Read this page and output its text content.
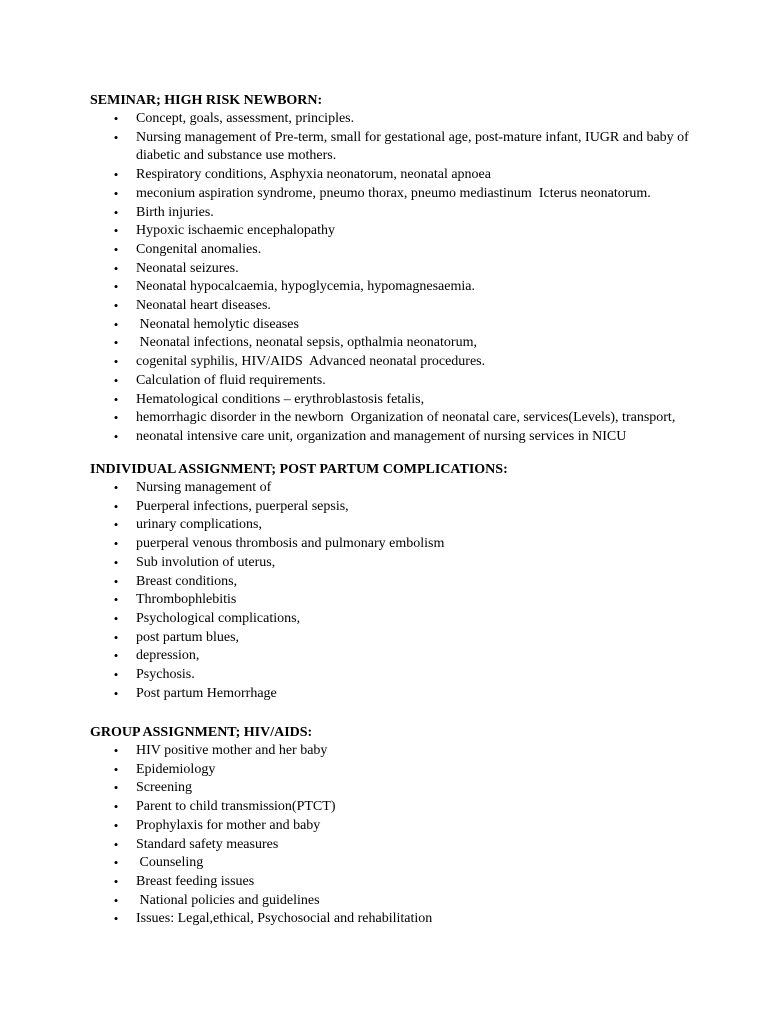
SEMINAR; HIGH RISK NEWBORN:
• Concept, goals, assessment, principles.
• Nursing management of Pre-term, small for gestational age, post-mature infant, IUGR and baby of diabetic and substance use mothers.
• Respiratory conditions, Asphyxia neonatorum, neonatal apnoea
• meconium aspiration syndrome, pneumo thorax, pneumo mediastinum  Icterus neonatorum.
• Birth injuries.
• Hypoxic ischaemic encephalopathy
• Congenital anomalies.
• Neonatal seizures.
• Neonatal hypocalcaemia, hypoglycemia, hypomagnesaemia.
• Neonatal heart diseases.
• Neonatal hemolytic diseases
• Neonatal infections, neonatal sepsis, opthalmia neonatorum,
• cogenital syphilis, HIV/AIDS  Advanced neonatal procedures.
• Calculation of fluid requirements.
• Hematological conditions – erythroblastosis fetalis,
• hemorrhagic disorder in the newborn  Organization of neonatal care, services(Levels), transport,
• neonatal intensive care unit, organization and management of nursing services in NICU
INDIVIDUAL ASSIGNMENT; POST PARTUM COMPLICATIONS:
• Nursing management of
• Puerperal infections, puerperal sepsis,
• urinary complications,
• puerperal venous thrombosis and pulmonary embolism
• Sub involution of uterus,
• Breast conditions,
• Thrombophlebitis
• Psychological complications,
• post partum blues,
• depression,
• Psychosis.
• Post partum Hemorrhage
GROUP ASSIGNMENT; HIV/AIDS:
• HIV positive mother and her baby
• Epidemiology
• Screening
• Parent to child transmission(PTCT)
• Prophylaxis for mother and baby
• Standard safety measures
• Counseling
• Breast feeding issues
• National policies and guidelines
• Issues: Legal,ethical, Psychosocial and rehabilitation
